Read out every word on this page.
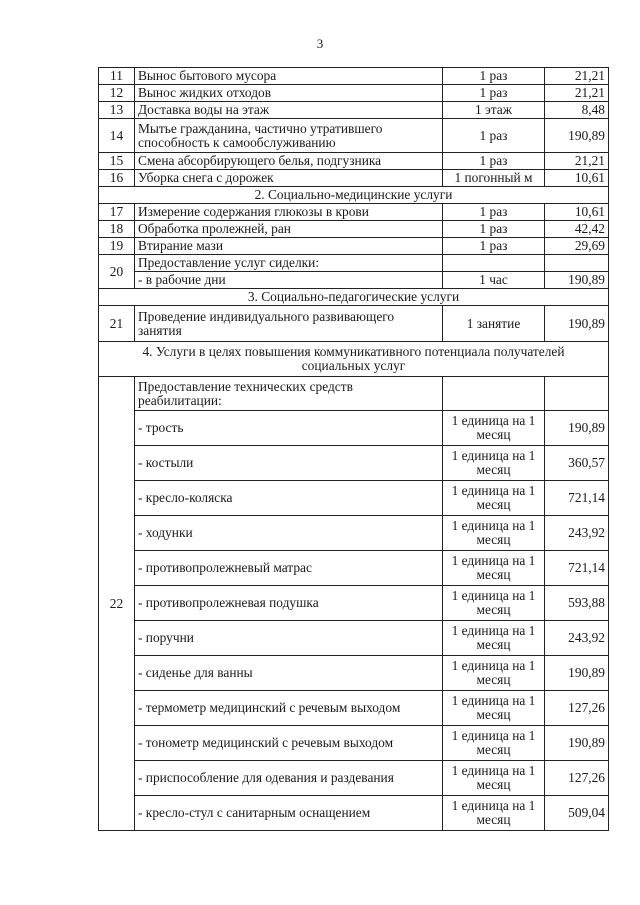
3
11	Вынос бытового мусора	1 раз	21,21
12	Вынос жидких отходов	1 раз	21,21
13	Доставка воды на этаж	1 этаж	8,48
14	Мытье гражданина, частично утратившего способность к самообслуживанию	1 раз	190,89
15	Смена абсорбирующего белья, подгузника	1 раз	21,21
16	Уборка снега с дорожек	1 погонный м	10,61
2. Социально-медицинские услуги			
17	Измерение содержания глюкозы в крови	1 раз	10,61
18	Обработка пролежней, ран	1 раз	42,42
19	Втирание мази	1 раз	29,69
20	Предоставление услуг сиделки:		
	- в рабочие дни	1 час	190,89
3. Социально-педагогические услуги			
21	Проведение индивидуального развивающего занятия	1 занятие	190,89
4. Услуги в целях повышения коммуникативного потенциала получателей социальных услуг			
22	Предоставление технических средств реабилитации:		
	- трость	1 единица на 1 месяц	190,89
	- костыли	1 единица на 1 месяц	360,57
	- кресло-коляска	1 единица на 1 месяц	721,14
	- ходунки	1 единица на 1 месяц	243,92
	- противопролежневый матрас	1 единица на 1 месяц	721,14
	- противопролежневая подушка	1 единица на 1 месяц	593,88
	- поручни	1 единица на 1 месяц	243,92
	- сиденье для ванны	1 единица на 1 месяц	190,89
	- термометр медицинский с речевым выходом	1 единица на 1 месяц	127,26
	- тонометр медицинский с речевым выходом	1 единица на 1 месяц	190,89
	- приспособление для одевания и раздевания	1 единица на 1 месяц	127,26
	- кресло-стул с санитарным оснащением	1 единица на 1 месяц	509,04
